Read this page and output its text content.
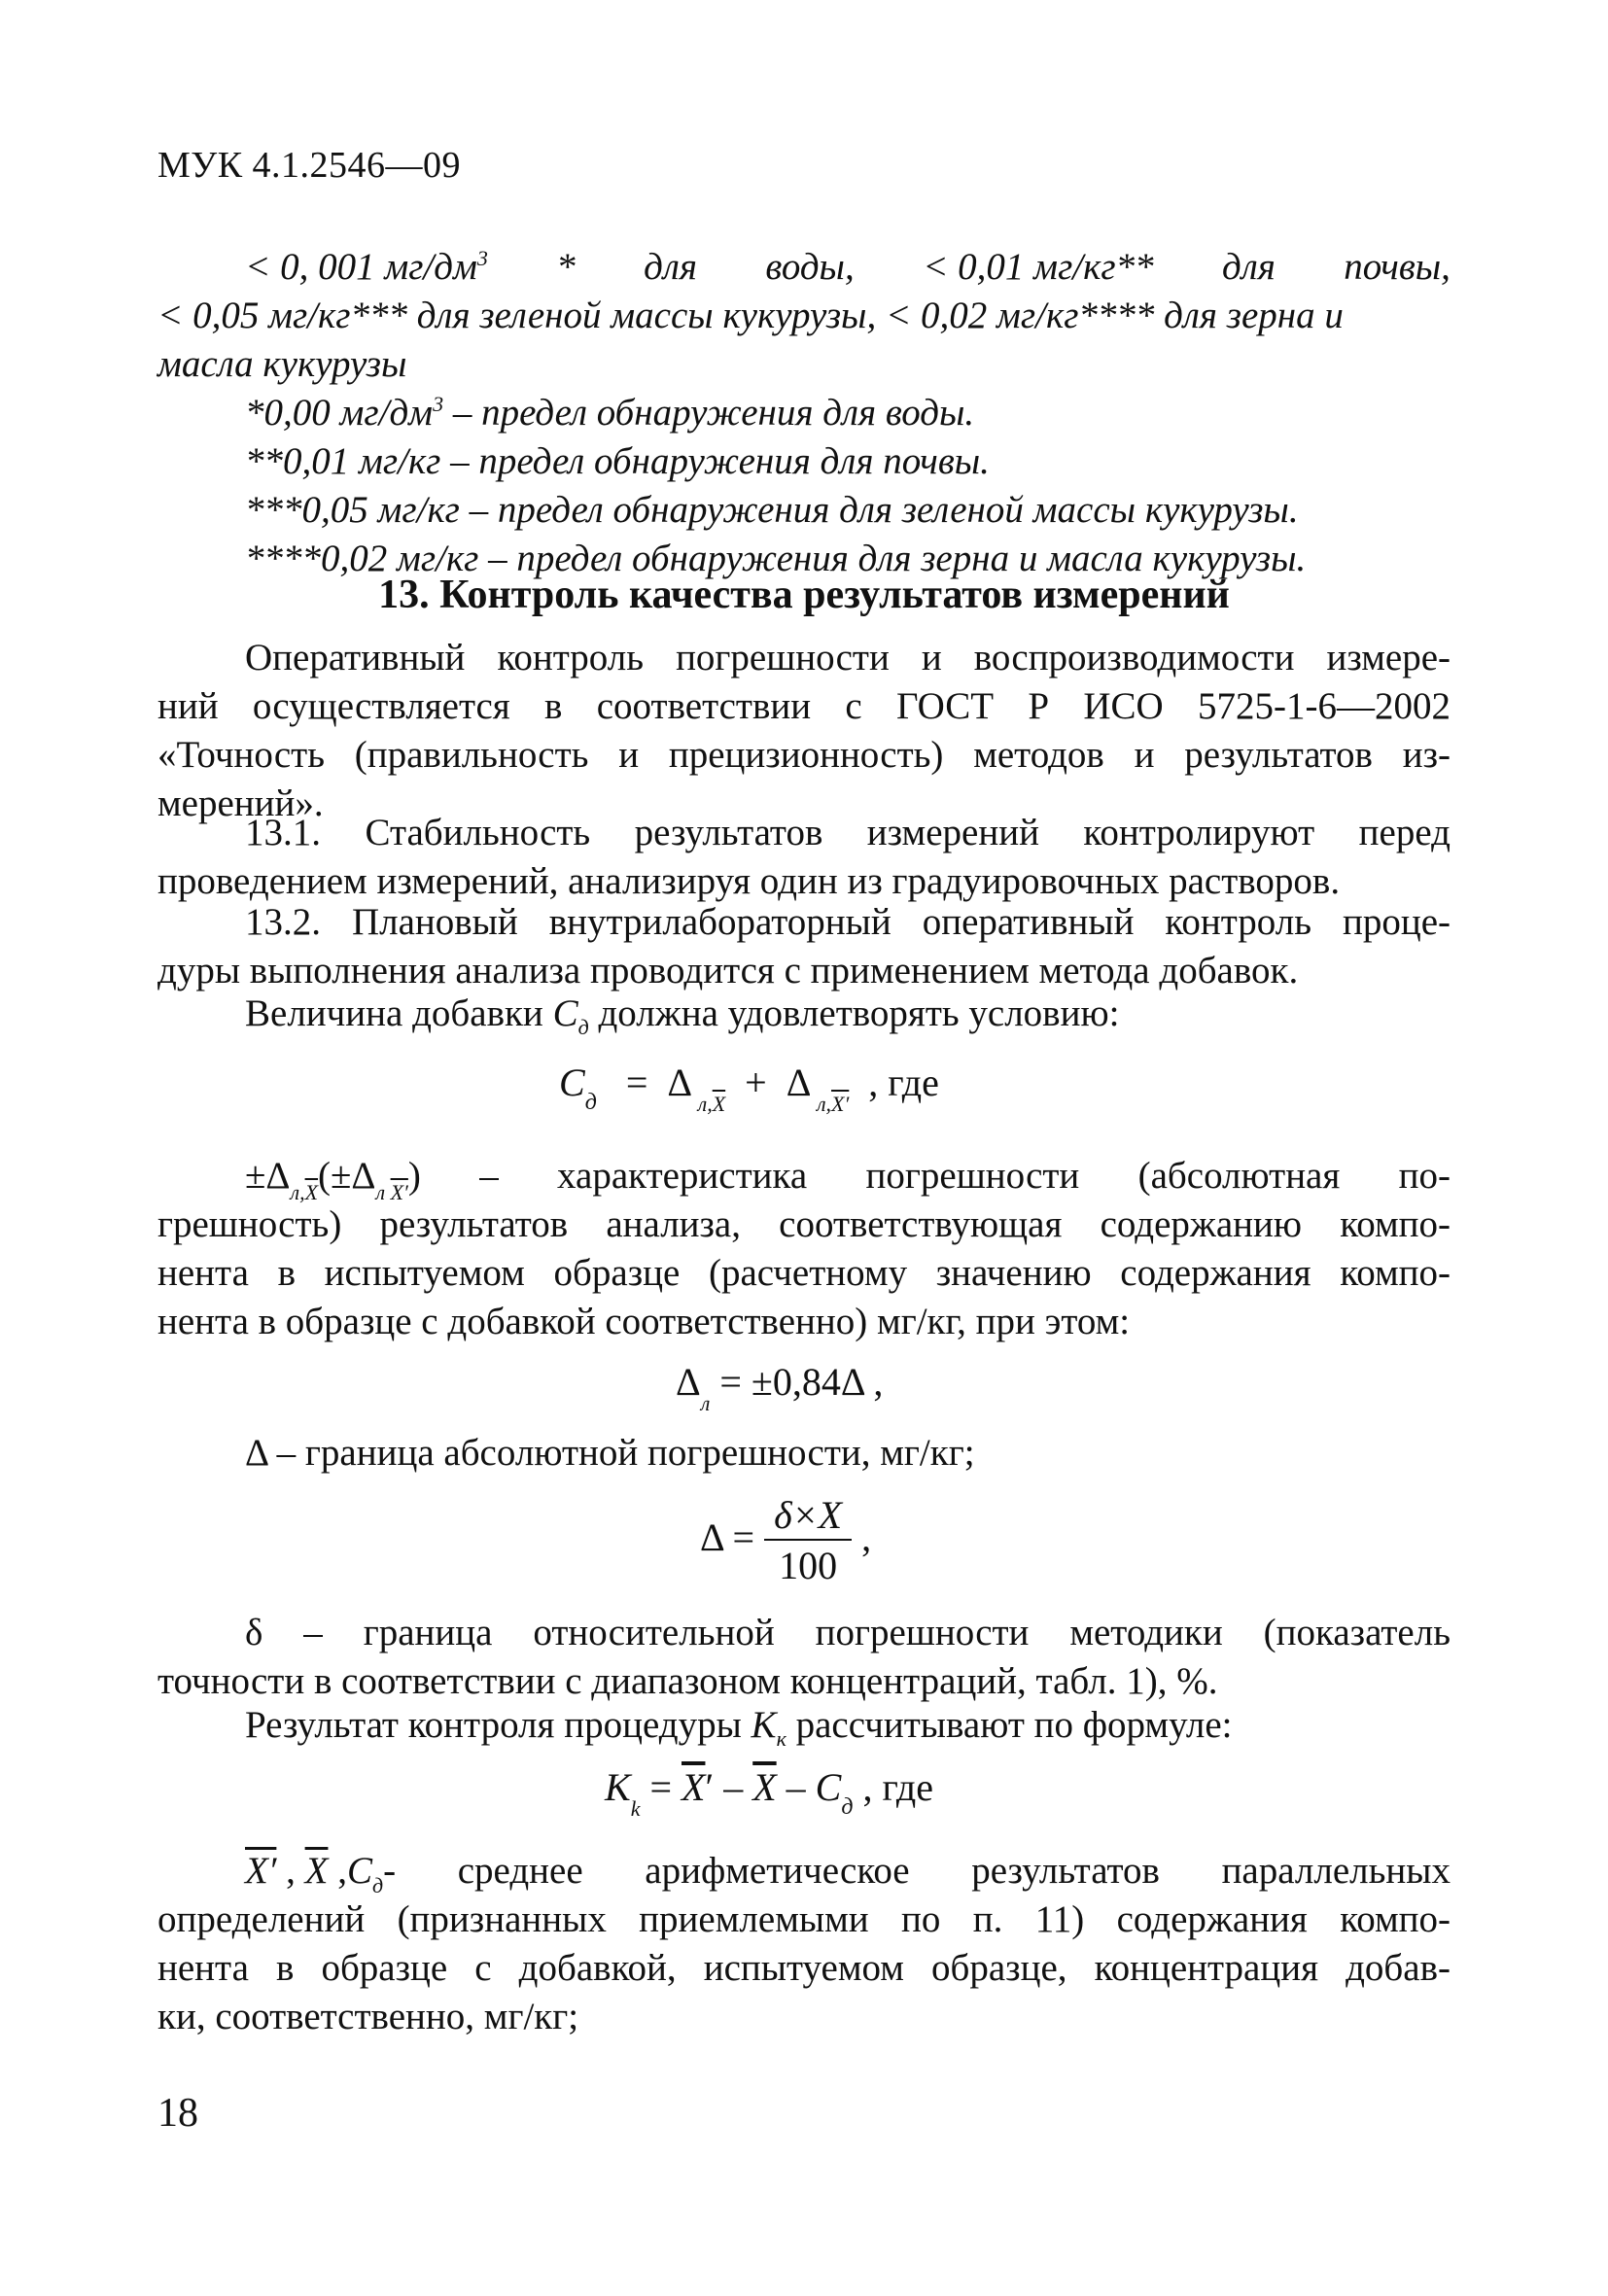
МУК 4.1.2546—09
< 0, 001 $мг/дм^3$ * для воды, < 0,01 мг/кг** для почвы,
< 0,05 мг/кг*** для зеленой массы кукурузы, < 0,02 мг/кг**** для зерна и
масла кукурузы
*0,00 $мг/дм^3$ – предел обнаружения для воды.
**0,01 мг/кг – предел обнаружения для почвы.
***0,05 мг/кг – предел обнаружения для зеленой массы кукурузы.
****0,02 мг/кг – предел обнаружения для зерна и масла кукурузы.
13. Контроль качества результатов измерений
Оперативный контроль погрешности и воспроизводимости измере-
ний осуществляется в соответствии с ГОСТ Р ИСО 5725-1-6—2002
«Точность (правильность и прецизионность) методов и результатов из-
мерений».
13.1. Стабильность результатов измерений контролируют перед
проведением измерений, анализируя один из градуировочных растворов.
13.2. Плановый внутрилабораторный оперативный контроль проце-
дуры выполнения анализа проводится с применением метода добавок.
Величина добавки $C_д$ должна удовлетворять условию:
$C_д = \Delta$ $_{л,\overline{X}}$  +  Δ $_{л,X'}$  , где
$\pm\Delta_{л,\overline{X}}(\pm\Delta_{л X'})$ – характеристика погрешности (абсолютная по-
грешность) результатов анализа, соответствующая содержанию компо-
нента в испытуемом образце (расчетному значению содержания компо-
нента в образце с добавкой соответственно) мг/кг, при этом:
$\Delta_л = \pm 0,84\Delta$ ,
Δ – граница абсолютной погрешности, мг/кг;
$\Delta = \frac{\delta\times X}{100}$ ,
δ – граница относительной погрешности методики (показатель
точности в соответствии с диапазоном концентраций, табл. 1), %.
Результат контроля процедуры $K_к$ рассчитывают по формуле:
$K_k = \overline{X}' - \overline{X} - C_д$ , где
X′ , $\overline{X}$ $,C_д-$ среднее арифметическое результатов параллельных
определений (признанных приемлемыми по п. 11) содержания компо-
нента в образце с добавкой, испытуемом образце, концентрация добав-
ки, соответственно, мг/кг;
18
